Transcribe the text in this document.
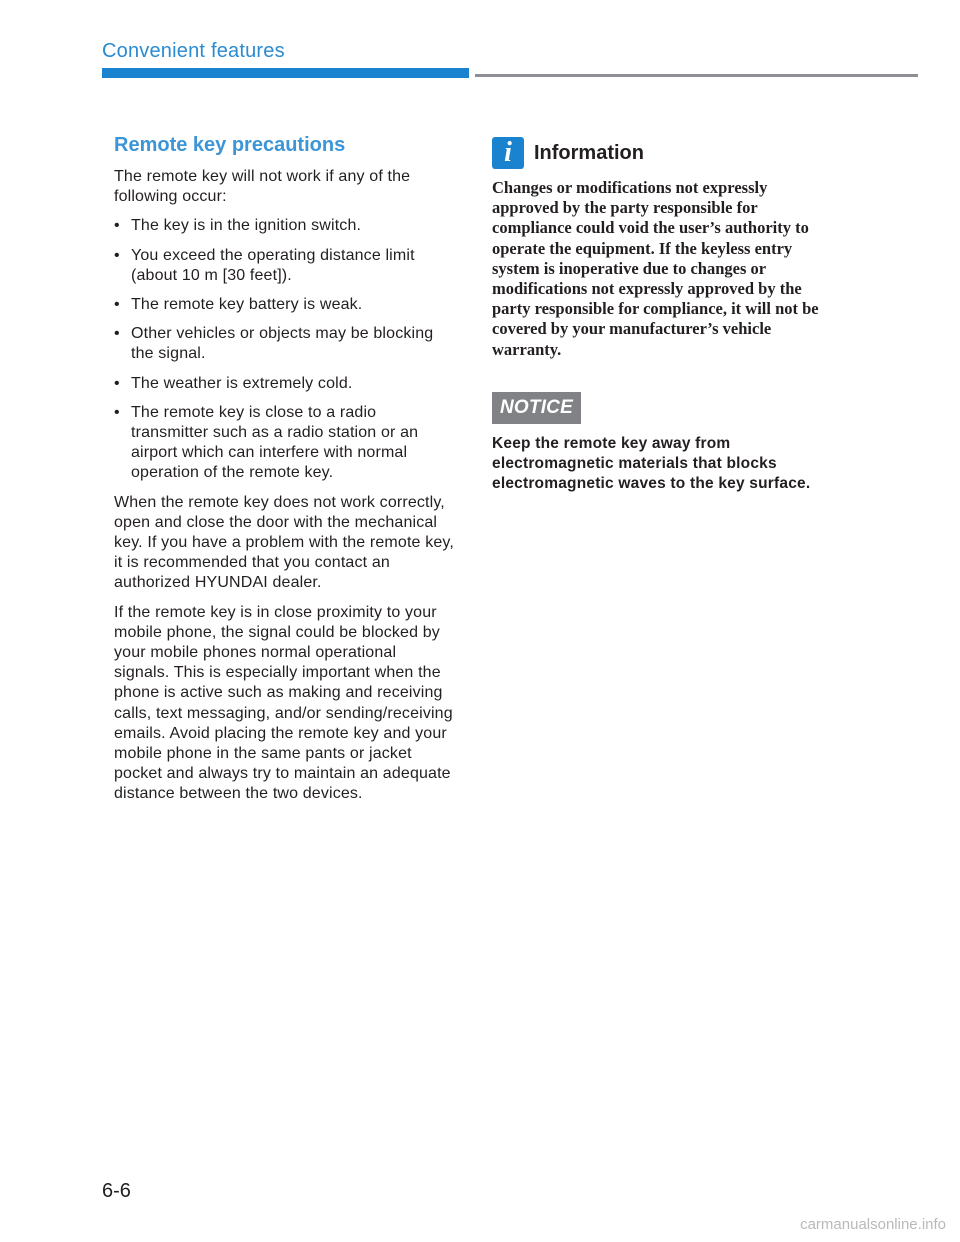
Convenient features
Remote key precautions

The remote key will not work if any of the following occur:

• The key is in the ignition switch.
• You exceed the operating distance limit (about 10 m [30 feet]).
• The remote key battery is weak.
• Other vehicles or objects may be blocking the signal.
• The weather is extremely cold.
• The remote key is close to a radio transmitter such as a radio station or an airport which can interfere with normal operation of the remote key.

When the remote key does not work correctly, open and close the door with the mechanical key. If you have a problem with the remote key, it is recommended that you contact an authorized HYUNDAI dealer.

If the remote key is in close proximity to your mobile phone, the signal could be blocked by your mobile phones normal operational signals. This is especially important when the phone is active such as making and receiving calls, text messaging, and/or sending/receiving emails. Avoid placing the remote key and your mobile phone in the same pants or jacket pocket and always try to maintain an adequate distance between the two devices.

i	Information

Changes or modifications not expressly approved by the party responsible for compliance could void the user’s authority to operate the equipment. If the keyless entry system is inoperative due to changes or modifications not expressly approved by the party responsible for compliance, it will not be covered by your manufacturer’s vehicle warranty.

NOTICE

Keep the remote key away from electromagnetic materials that blocks electromagnetic waves to the key surface.

6-6
carmanualsonline.info
